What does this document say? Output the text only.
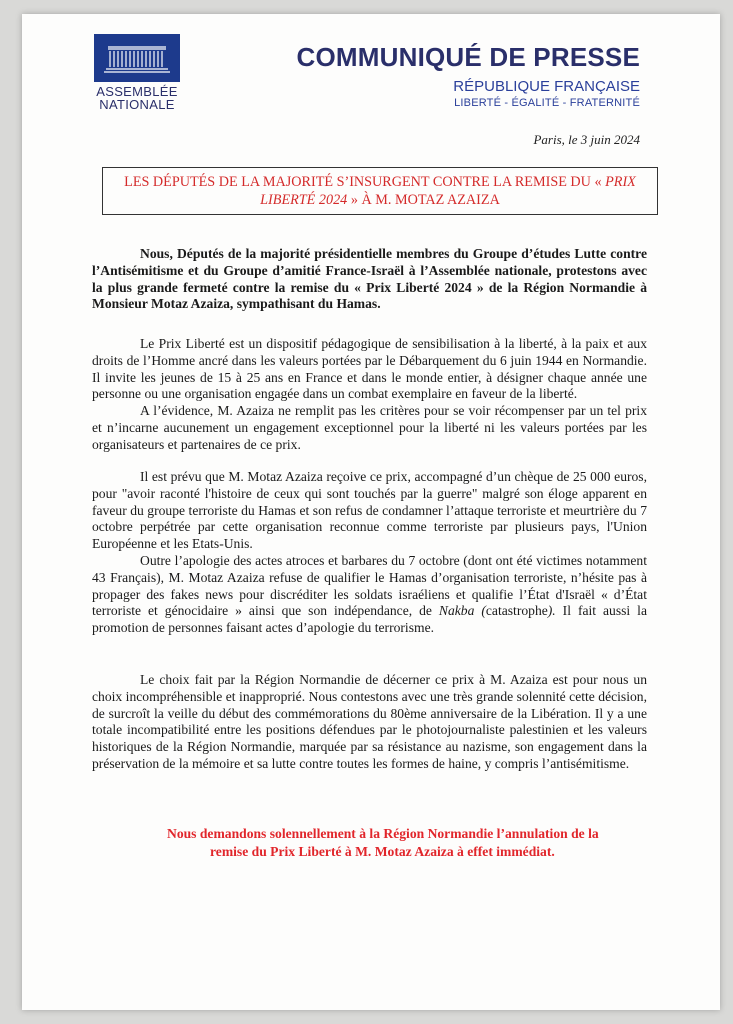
ASSEMBLÉE
NATIONALE
COMMUNIQUÉ DE PRESSE
RÉPUBLIQUE FRANÇAISE
LIBERTÉ - ÉGALITÉ - FRATERNITÉ
Paris, le 3 juin 2024
LES DÉPUTÉS DE LA MAJORITÉ S’INSURGENT CONTRE LA REMISE DU « PRIX LIBERTÉ 2024 » À M. MOTAZ AZAIZA

Nous, Députés de la majorité présidentielle membres du Groupe d’études Lutte contre l’Antisémitisme et du Groupe d’amitié France-Israël à l’Assemblée nationale, protestons avec la plus grande fermeté contre la remise du « Prix Liberté 2024 » de la Région Normandie à Monsieur Motaz Azaiza, sympathisant du Hamas.

Le Prix Liberté est un dispositif pédagogique de sensibilisation à la liberté, à la paix et aux droits de l’Homme ancré dans les valeurs portées par le Débarquement du 6 juin 1944 en Normandie. Il invite les jeunes de 15 à 25 ans en France et dans le monde entier, à désigner chaque année une personne ou une organisation engagée dans un combat exemplaire en faveur de la liberté.

A l’évidence, M. Azaiza ne remplit pas les critères pour se voir récompenser par un tel prix et n’incarne aucunement un engagement exceptionnel pour la liberté ni les valeurs portées par les organisateurs et partenaires de ce prix.

Il est prévu que M. Motaz Azaiza reçoive ce prix, accompagné d’un chèque de 25 000 euros, pour "avoir raconté l'histoire de ceux qui sont touchés par la guerre" malgré son éloge apparent en faveur du groupe terroriste du Hamas et son refus de condamner l’attaque terroriste et meurtrière du 7 octobre perpétrée par cette organisation reconnue comme terroriste par plusieurs pays, l'Union Européenne et les Etats-Unis.

Outre l’apologie des actes atroces et barbares du 7 octobre (dont ont été victimes notamment 43 Français), M. Motaz Azaiza refuse de qualifier le Hamas d’organisation terroriste, n’hésite pas à propager des fakes news pour discréditer les soldats israéliens et qualifie l’État d'Israël « d’État terroriste et génocidaire » ainsi que son indépendance, de Nakba (catastrophe). Il fait aussi la promotion de personnes faisant actes d’apologie du terrorisme.

Le choix fait par la Région Normandie de décerner ce prix à M. Azaiza est pour nous un choix incompréhensible et inapproprié. Nous contestons avec une très grande solennité cette décision, de surcroît la veille du début des commémorations du 80ème anniversaire de la Libération. Il y a une totale incompatibilité entre les positions défendues par le photojournaliste palestinien et les valeurs historiques de la Région Normandie, marquée par sa résistance au nazisme, son engagement dans la préservation de la mémoire et sa lutte contre toutes les formes de haine, y compris l’antisémitisme.

Nous demandons solennellement à la Région Normandie l’annulation de la
remise du Prix Liberté à M. Motaz Azaiza à effet immédiat.
